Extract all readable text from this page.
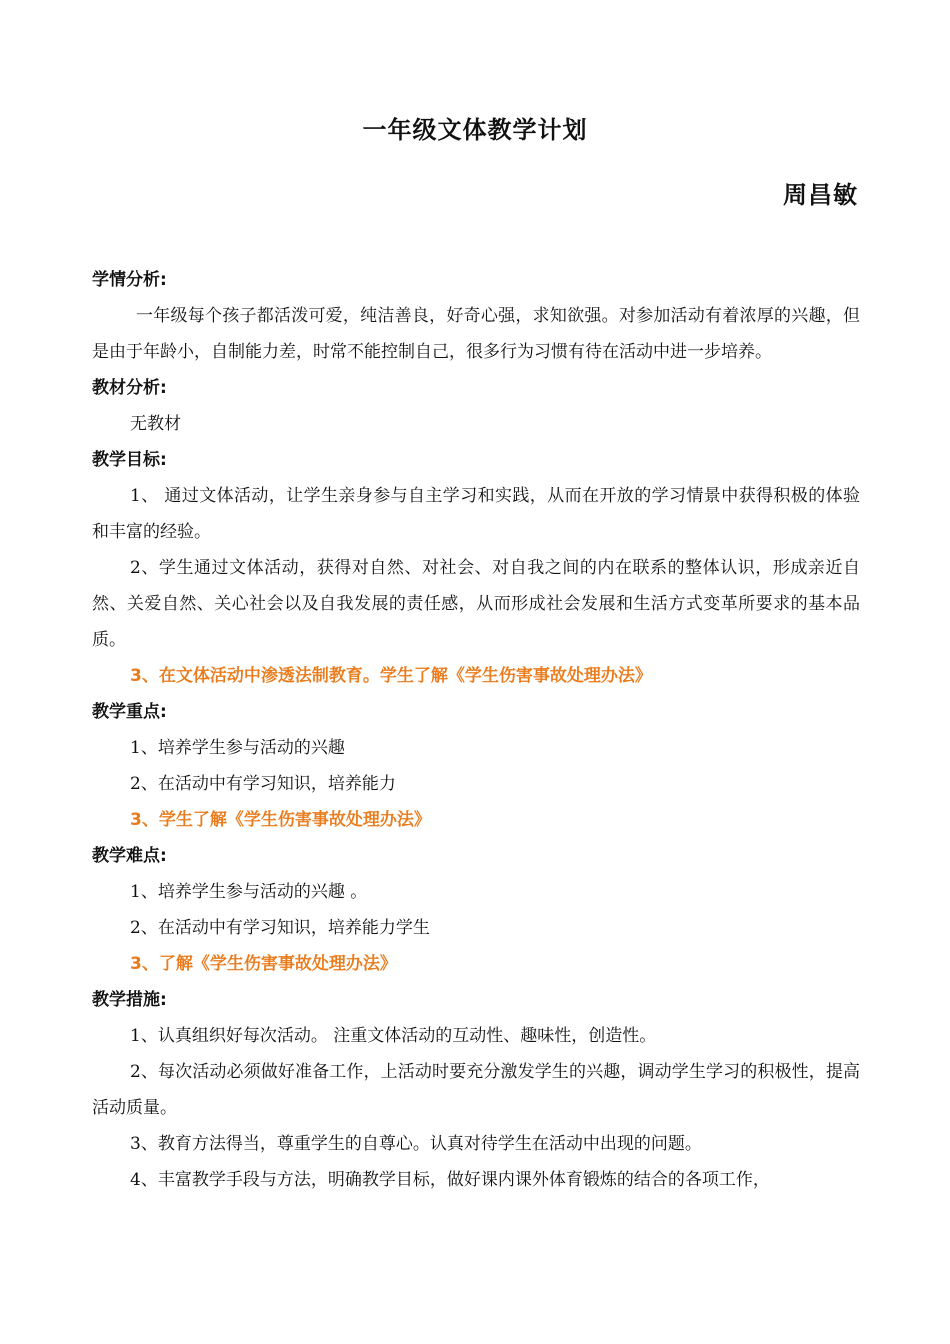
一年级文体教学计划
周昌敏
学情分析:
一年级每个孩子都活泼可爱，纯洁善良，好奇心强，求知欲强。对参加活动有着浓厚的兴趣，但是由于年龄小，自制能力差，时常不能控制自己，很多行为习惯有待在活动中进一步培养。
教材分析:
无教材
教学目标:
1、 通过文体活动，让学生亲身参与自主学习和实践，从而在开放的学习情景中获得积极的体验和丰富的经验。
2、学生通过文体活动，获得对自然、对社会、对自我之间的内在联系的整体认识，形成亲近自然、关爱自然、关心社会以及自我发展的责任感，从而形成社会发展和生活方式变革所要求的基本品质。
3、在文体活动中渗透法制教育。学生了解《学生伤害事故处理办法》
教学重点:
1、培养学生参与活动的兴趣
2、在活动中有学习知识，培养能力
3、学生了解《学生伤害事故处理办法》
教学难点:
1、培养学生参与活动的兴趣 。
2、在活动中有学习知识，培养能力学生
3、了解《学生伤害事故处理办法》
教学措施:
1、认真组织好每次活动。 注重文体活动的互动性、趣味性，创造性。
2、每次活动必须做好准备工作，上活动时要充分激发学生的兴趣，调动学生学习的积极性，提高活动质量。
3、教育方法得当，尊重学生的自尊心。认真对待学生在活动中出现的问题。
4、丰富教学手段与方法，明确教学目标，做好课内课外体育锻炼的结合的各项工作，
